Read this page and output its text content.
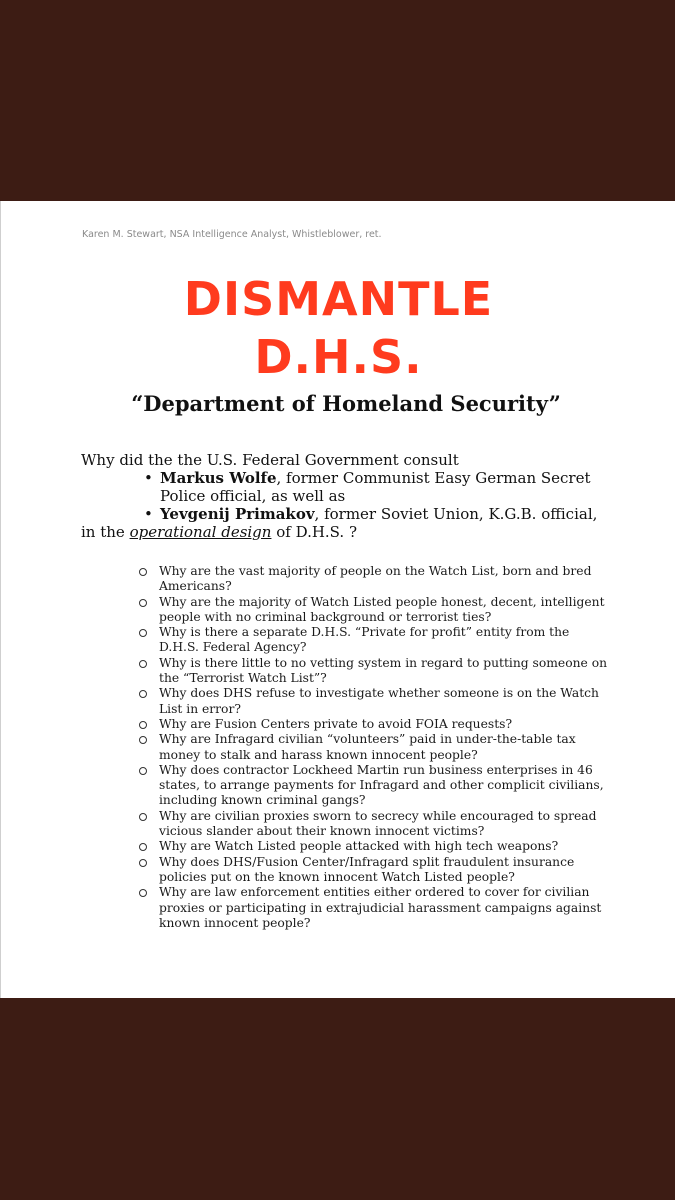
Karen M. Stewart, NSA Intelligence Analyst, Whistleblower, ret.
DISMANTLE
D.H.S.
“Department of Homeland Security”
Why did the the U.S. Federal Government consult
• Markus Wolfe, former Communist Easy German Secret Police official, as well as
• Yevgenij Primakov, former Soviet Union, K.G.B. official,
in the operational design of D.H.S. ?
Why are the vast majority of people on the Watch List, born and bred Americans?
Why are the majority of Watch Listed people honest, decent, intelligent people with no criminal background or terrorist ties?
Why is there a separate D.H.S. “Private for profit” entity from the D.H.S. Federal Agency?
Why is there little to no vetting system in regard to putting someone on the “Terrorist Watch List”?
Why does DHS refuse to investigate whether someone is on the Watch List in error?
Why are Fusion Centers private to avoid FOIA requests?
Why are Infragard civilian “volunteers” paid in under-the-table tax money to stalk and harass known innocent people?
Why does contractor Lockheed Martin run business enterprises in 46 states, to arrange payments for Infragard and other complicit civilians, including known criminal gangs?
Why are civilian proxies sworn to secrecy while encouraged to spread vicious slander about their known innocent victims?
Why are Watch Listed people attacked with high tech weapons?
Why does DHS/Fusion Center/Infragard split fraudulent insurance policies put on the known innocent Watch Listed people?
Why are law enforcement entities either ordered to cover for civilian proxies or participating in extrajudicial harassment campaigns against known innocent people?
